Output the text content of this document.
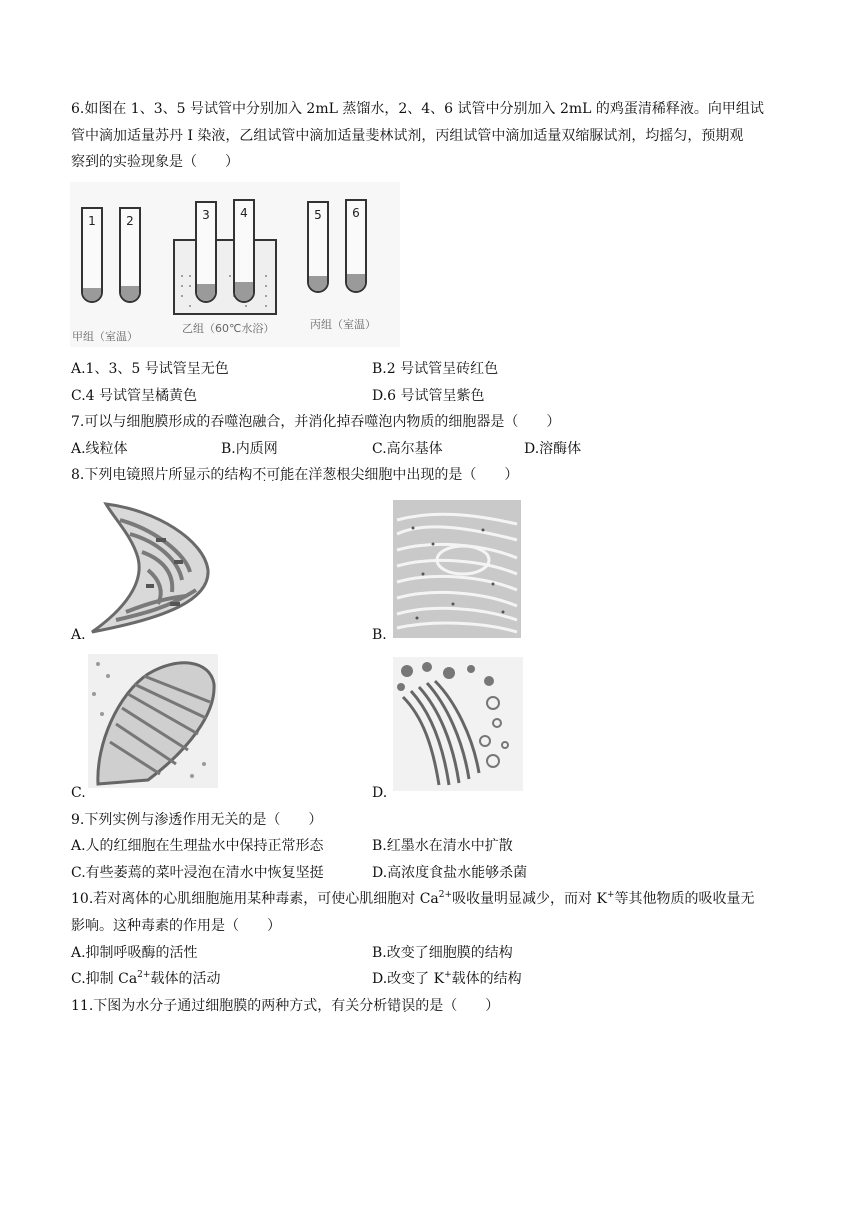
6.如图在 1、3、5 号试管中分别加入 2mL 蒸馏水，2、4、6 试管中分别加入 2mL 的鸡蛋清稀释液。向甲组试
管中滴加适量苏丹 I 染液，乙组试管中滴加适量斐林试剂，丙组试管中滴加适量双缩脲试剂，均摇匀，预期观
察到的实验现象是（　　）
1	2	3	4	5	6
甲组（室温）
乙组（60℃水浴）	丙组（室温）
A.1、3、5 号试管呈无色	B.2 号试管呈砖红色
C.4 号试管呈橘黄色	D.6 号试管呈紫色
7.可以与细胞膜形成的吞噬泡融合，并消化掉吞噬泡内物质的细胞器是（　　）
A.线粒体	B.内质网	C.高尔基体	D.溶酶体
8.下列电镜照片所显示的结构不可能 · · ·在洋葱根尖细胞中出现的是（　　）
A.	B.
C.	D.
9.下列实例与渗透作用无关的是（　　）
A.人的红细胞在生理盐水中保持正常形态	B.红墨水在清水中扩散
C.有些萎蔫的菜叶浸泡在清水中恢复坚挺	D.高浓度食盐水能够杀菌
10.若对离体的心肌细胞施用某种毒素，可使心肌细胞对 $Ca^{2+}$吸收量明显减少，而对 K+等其他物质的吸收量无
影响。这种毒素的作用是（　　）
A.抑制呼吸酶的活性	B.改变了细胞膜的结构
C.抑制 $Ca^{2+}$载体的活动	D.改变了 K+载体的结构
11.下图为水分子通过细胞膜的两种方式，有关分析错误 · ·的是（　　）
